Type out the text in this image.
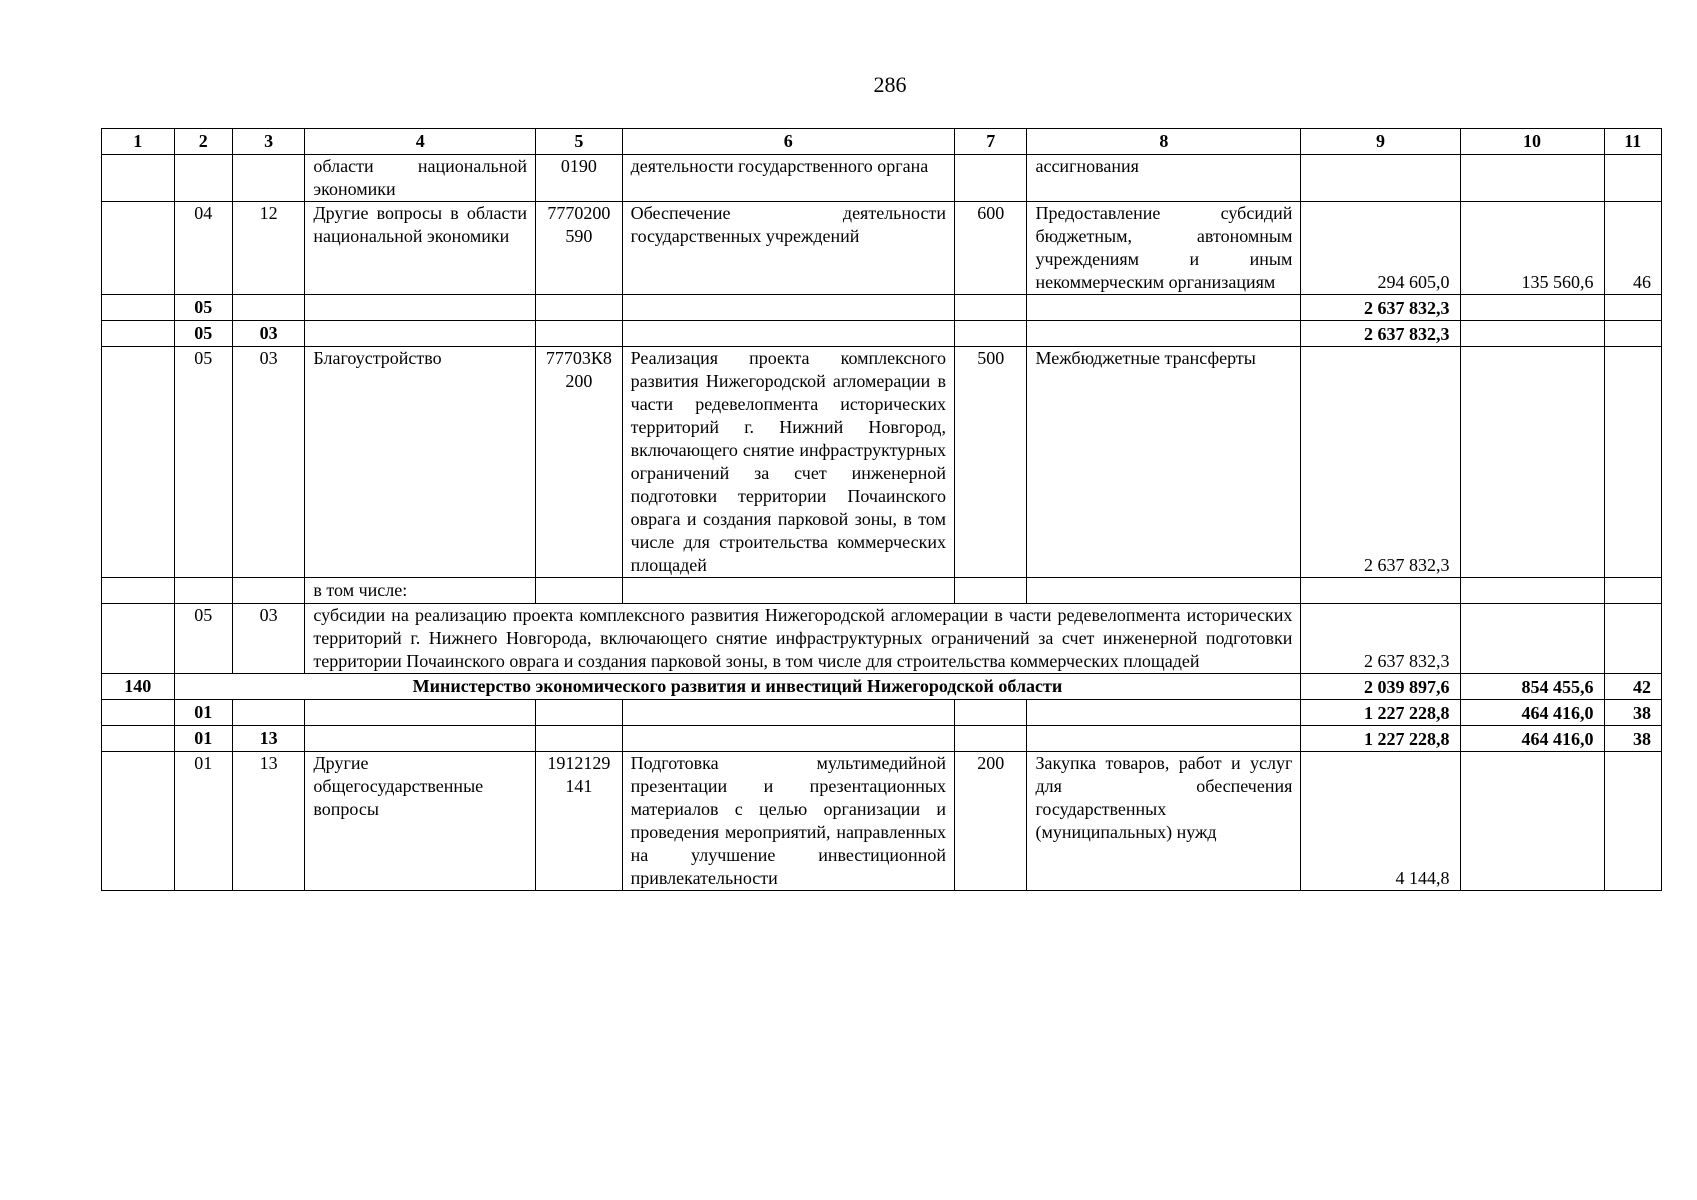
286
1	2	3	4	5	6	7	8	9	10	11
			области национальной экономики	0190	деятельности государственного органа		ассигнования			
	04	12	Другие вопросы в области национальной экономики	7770200590	Обеспечение деятельности государственных учреждений	600	Предоставление субсидий бюджетным, автономным учреждениям и иным некоммерческим организациям	294 605,0	135 560,6	46
	05							2 637 832,3		
	05	03						2 637 832,3		
	05	03	Благоустройство	77703К8200	Реализация проекта комплексного развития Нижегородской агломерации в части редевелопмента исторических территорий г. Нижний Новгород, включающего снятие инфраструктурных ограничений за счет инженерной подготовки территории Почаинского оврага и создания парковой зоны, в том числе для строительства коммерческих площадей	500	Межбюджетные трансферты	2 637 832,3		
			в том числе:							
	05	03	субсидии на реализацию проекта комплексного развития Нижегородской агломерации в части редевелопмента исторических территорий г. Нижнего Новгорода, включающего снятие инфраструктурных ограничений за счет инженерной подготовки территории Почаинского оврага и создания парковой зоны, в том числе для строительства коммерческих площадей					2 637 832,3		
140	Министерство экономического развития и инвестиций Нижегородской области							2 039 897,6	854 455,6	42
	01							1 227 228,8	464 416,0	38
	01	13						1 227 228,8	464 416,0	38
	01	13	Другие общегосударственные вопросы	1912129141	Подготовка мультимедийной презентации и презентационных материалов с целью организации и проведения мероприятий, направленных на улучшение инвестиционной привлекательности	200	Закупка товаров, работ и услуг для обеспечения государственных (муниципальных) нужд	4 144,8		
